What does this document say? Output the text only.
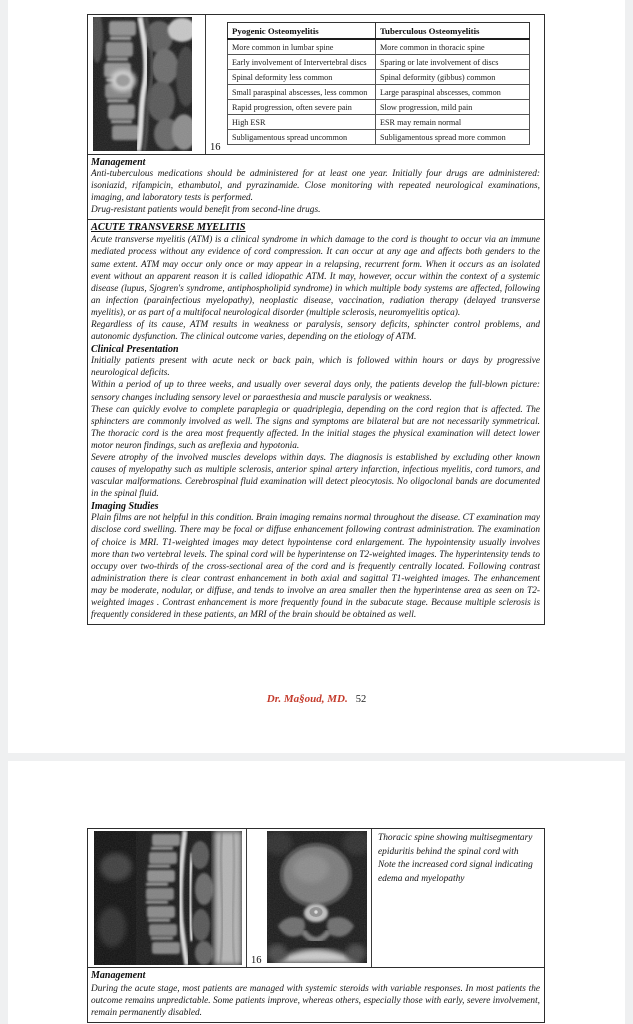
16
Pyogenic Osteomyelitis	Tuberculous Osteomyelitis
More common in lumbar spine	More common in thoracic spine
Early involvement of Intervertebral discs	Sparing or late involvement of discs
Spinal deformity less common	Spinal deformity (gibbus) common
Small paraspinal abscesses, less common	Large paraspinal abscesses, common
Rapid progression, often severe pain	Slow progression, mild pain
High ESR	ESR may remain normal
Subligamentous spread uncommon	Subligamentous spread more common
Management

Anti-tuberculous medications should be administered for at least one year. Initially four drugs are administered: isoniazid, rifampicin, ethambutol, and pyrazinamide. Close monitoring with repeated neurological examinations, imaging, and laboratory tests is performed.

Drug-resistant patients would benefit from second-line drugs.

ACUTE TRANSVERSE MYELITIS

Acute transverse myelitis (ATM) is a clinical syndrome in which damage to the cord is thought to occur via an immune mediated process without any evidence of cord compression. It can occur at any age and affects both genders to the same extent. ATM may occur only once or may appear in a relapsing, recurrent form. When it occurs as an isolated event without an apparent reason it is called idiopathic ATM. It may, however, occur within the context of a systemic disease (lupus, Sjogren's syndrome, antiphospholipid syndrome) in which multiple body systems are affected, following an infection (parainfectious myelopathy), neoplastic disease, vaccination, radiation therapy (delayed transverse myelitis), or as part of a multifocal neurological disorder (multiple sclerosis, neuromyelitis optica).

Regardless of its cause, ATM results in weakness or paralysis, sensory deficits, sphincter control problems, and autonomic dysfunction. The clinical outcome varies, depending on the etiology of ATM.

Clinical Presentation

Initially patients present with acute neck or back pain, which is followed within hours or days by progressive neurological deficits.

Within a period of up to three weeks, and usually over several days only, the patients develop the full-blown picture: sensory changes including sensory level or paraesthesia and muscle paralysis or weakness.

These can quickly evolve to complete paraplegia or quadriplegia, depending on the cord region that is affected. The sphincters are commonly involved as well. The signs and symptoms are bilateral but are not necessarily symmetrical. The thoracic cord is the area most frequently affected. In the initial stages the physical examination will detect lower motor neuron findings, such as areflexia and hypotonia.

Severe atrophy of the involved muscles develops within days. The diagnosis is established by excluding other known causes of myelopathy such as multiple sclerosis, anterior spinal artery infarction, infectious myelitis, cord tumors, and vascular malformations. Cerebrospinal fluid examination will detect pleocytosis. No oligoclonal bands are documented in the spinal fluid.

Imaging Studies

Plain films are not helpful in this condition. Brain imaging remains normal throughout the disease. CT examination may disclose cord swelling. There may be focal or diffuse enhancement following contrast administration. The examination of choice is MRI. T1-weighted images may detect hypointense cord enlargement. The hypointensity usually involves more than two vertebral levels. The spinal cord will be hyperintense on T2-weighted images. The hyperintensity tends to occupy over two-thirds of the cross-sectional area of the cord and is frequently centrally located. Following contrast administration there is clear contrast enhancement in both axial and sagittal T1-weighted images. The enhancement may be moderate, nodular, or diffuse, and tends to involve an area smaller then the hyperintense area as seen on T2-weighted images . Contrast enhancement is more frequently found in the subacute stage. Because multiple sclerosis is frequently considered in these patients, an MRI of the brain should be obtained as well.

Dr. Ma§oud, MD. 52
16
Thoracic spine showing multisegmentary epiduritis behind the spinal cord with Note the increased cord signal indicating edema and myelopathy
Management

During the acute stage, most patients are managed with systemic steroids with variable responses. In most patients the outcome remains unpredictable. Some patients improve, whereas others, especially those with early, severe involvement, remain permanently disabled.
